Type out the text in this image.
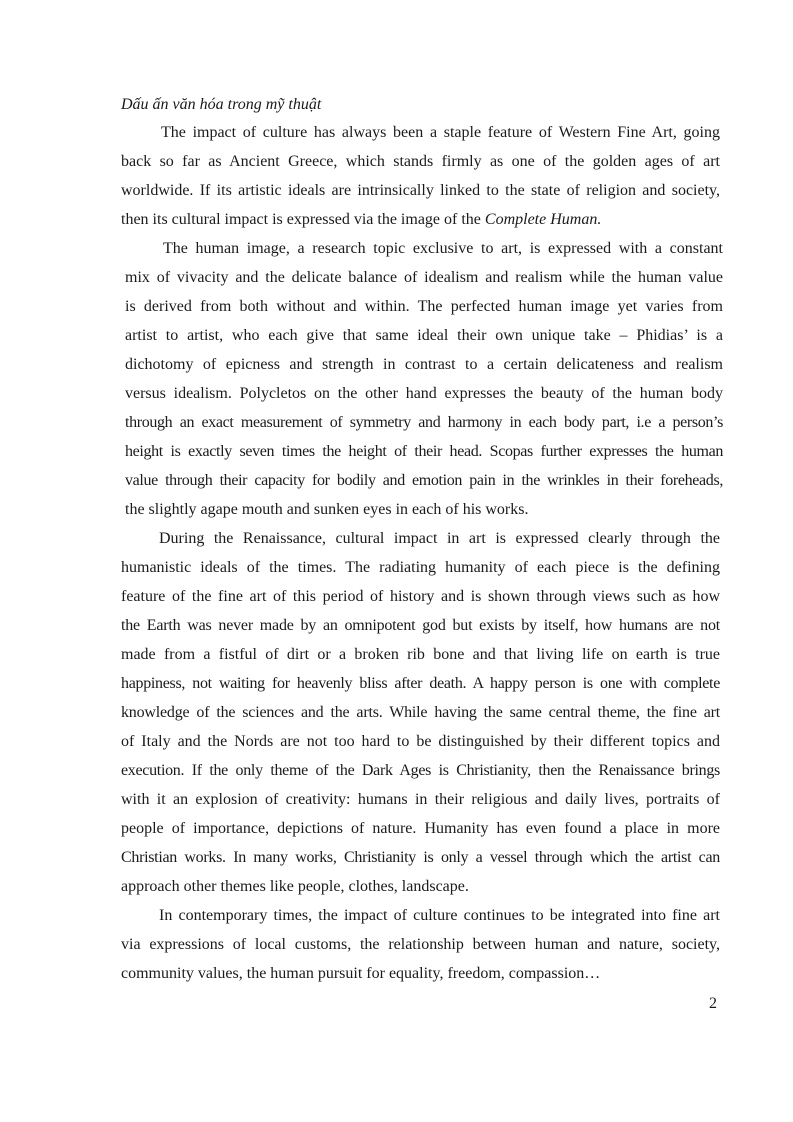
Dấu ấn văn hóa trong mỹ thuật
The impact of culture has always been a staple feature of Western Fine Art, going
back so far as Ancient Greece, which stands firmly as one of the golden ages of art
worldwide. If its artistic ideals are intrinsically linked to the state of religion and society,
then its cultural impact is expressed via the image of the Complete Human.
The human image, a research topic exclusive to art, is expressed with a constant
mix of vivacity and the delicate balance of idealism and realism while the human value
is derived from both without and within. The perfected human image yet varies from
artist to artist, who each give that same ideal their own unique take – Phidias’ is a
dichotomy of epicness and strength in contrast to a certain delicateness and realism
versus idealism. Polycletos on the other hand expresses the beauty of the human body
through an exact measurement of symmetry and harmony in each body part, i.e a person’s
height is exactly seven times the height of their head. Scopas further expresses the human
value through their capacity for bodily and emotion pain in the wrinkles in their foreheads,
the slightly agape mouth and sunken eyes in each of his works.
During the Renaissance, cultural impact in art is expressed clearly through the
humanistic ideals of the times. The radiating humanity of each piece is the defining
feature of the fine art of this period of history and is shown through views such as how
the Earth was never made by an omnipotent god but exists by itself, how humans are not
made from a fistful of dirt or a broken rib bone and that living life on earth is true
happiness, not waiting for heavenly bliss after death. A happy person is one with complete
knowledge of the sciences and the arts. While having the same central theme, the fine art
of Italy and the Nords are not too hard to be distinguished by their different topics and
execution. If the only theme of the Dark Ages is Christianity, then the Renaissance brings
with it an explosion of creativity: humans in their religious and daily lives, portraits of
people of importance, depictions of nature. Humanity has even found a place in more
Christian works. In many works, Christianity is only a vessel through which the artist can
approach other themes like people, clothes, landscape.
In contemporary times, the impact of culture continues to be integrated into fine art
via expressions of local customs, the relationship between human and nature, society,
community values, the human pursuit for equality, freedom, compassion…
2
